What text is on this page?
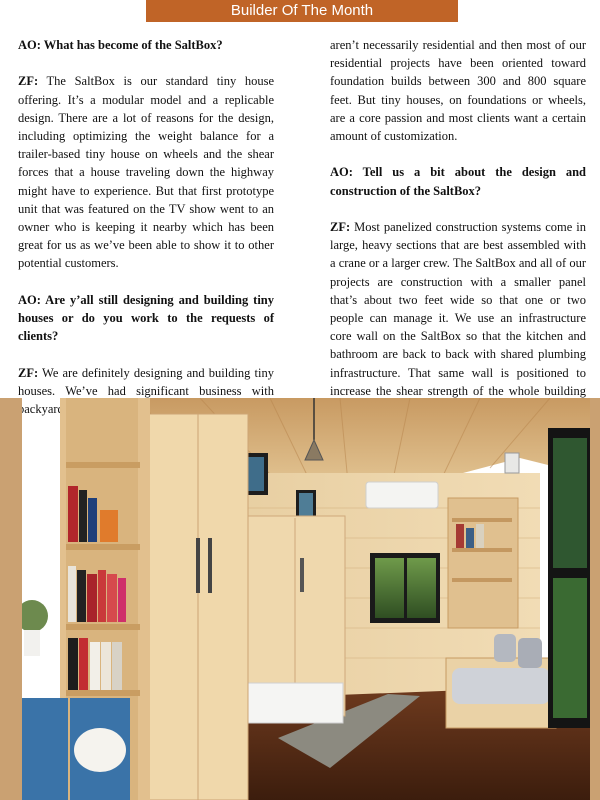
Builder Of The Month

AO: What has become of the SaltBox?

ZF: The SaltBox is our standard tiny house offering. It’s a modular model and a replicable design. There are a lot of reasons for the design, including optimizing the weight balance for a trailer-based tiny house on wheels and the shear forces that a house traveling down the highway might have to experience. But that first prototype unit that was featured on the TV show went to an owner who is keeping it nearby which has been great for us as we’ve been able to show it to other potential customers.

AO: Are y’all still designing and building tiny houses or do you work to the requests of clients?

ZF: We are definitely designing and building tiny houses. We’ve had significant business with backyard

aren’t necessarily residential and then most of our residential projects have been oriented toward foundation builds between 300 and 800 square feet. But tiny houses, on foundations or wheels, are a core passion and most clients want a certain amount of customization.

AO: Tell us a bit about the design and construction of the SaltBox?

ZF: Most panelized construction systems come in large, heavy sections that are best assembled with a crane or a larger crew. The SaltBox and all of our projects are construction with a smaller panel that’s about two feet wide so that one or two people can manage it. We use an infrastructure core wall on the SaltBox so that the kitchen and bathroom are back to back with shared plumbing infrastructure. That same wall is positioned to increase the shear strength of the whole building
